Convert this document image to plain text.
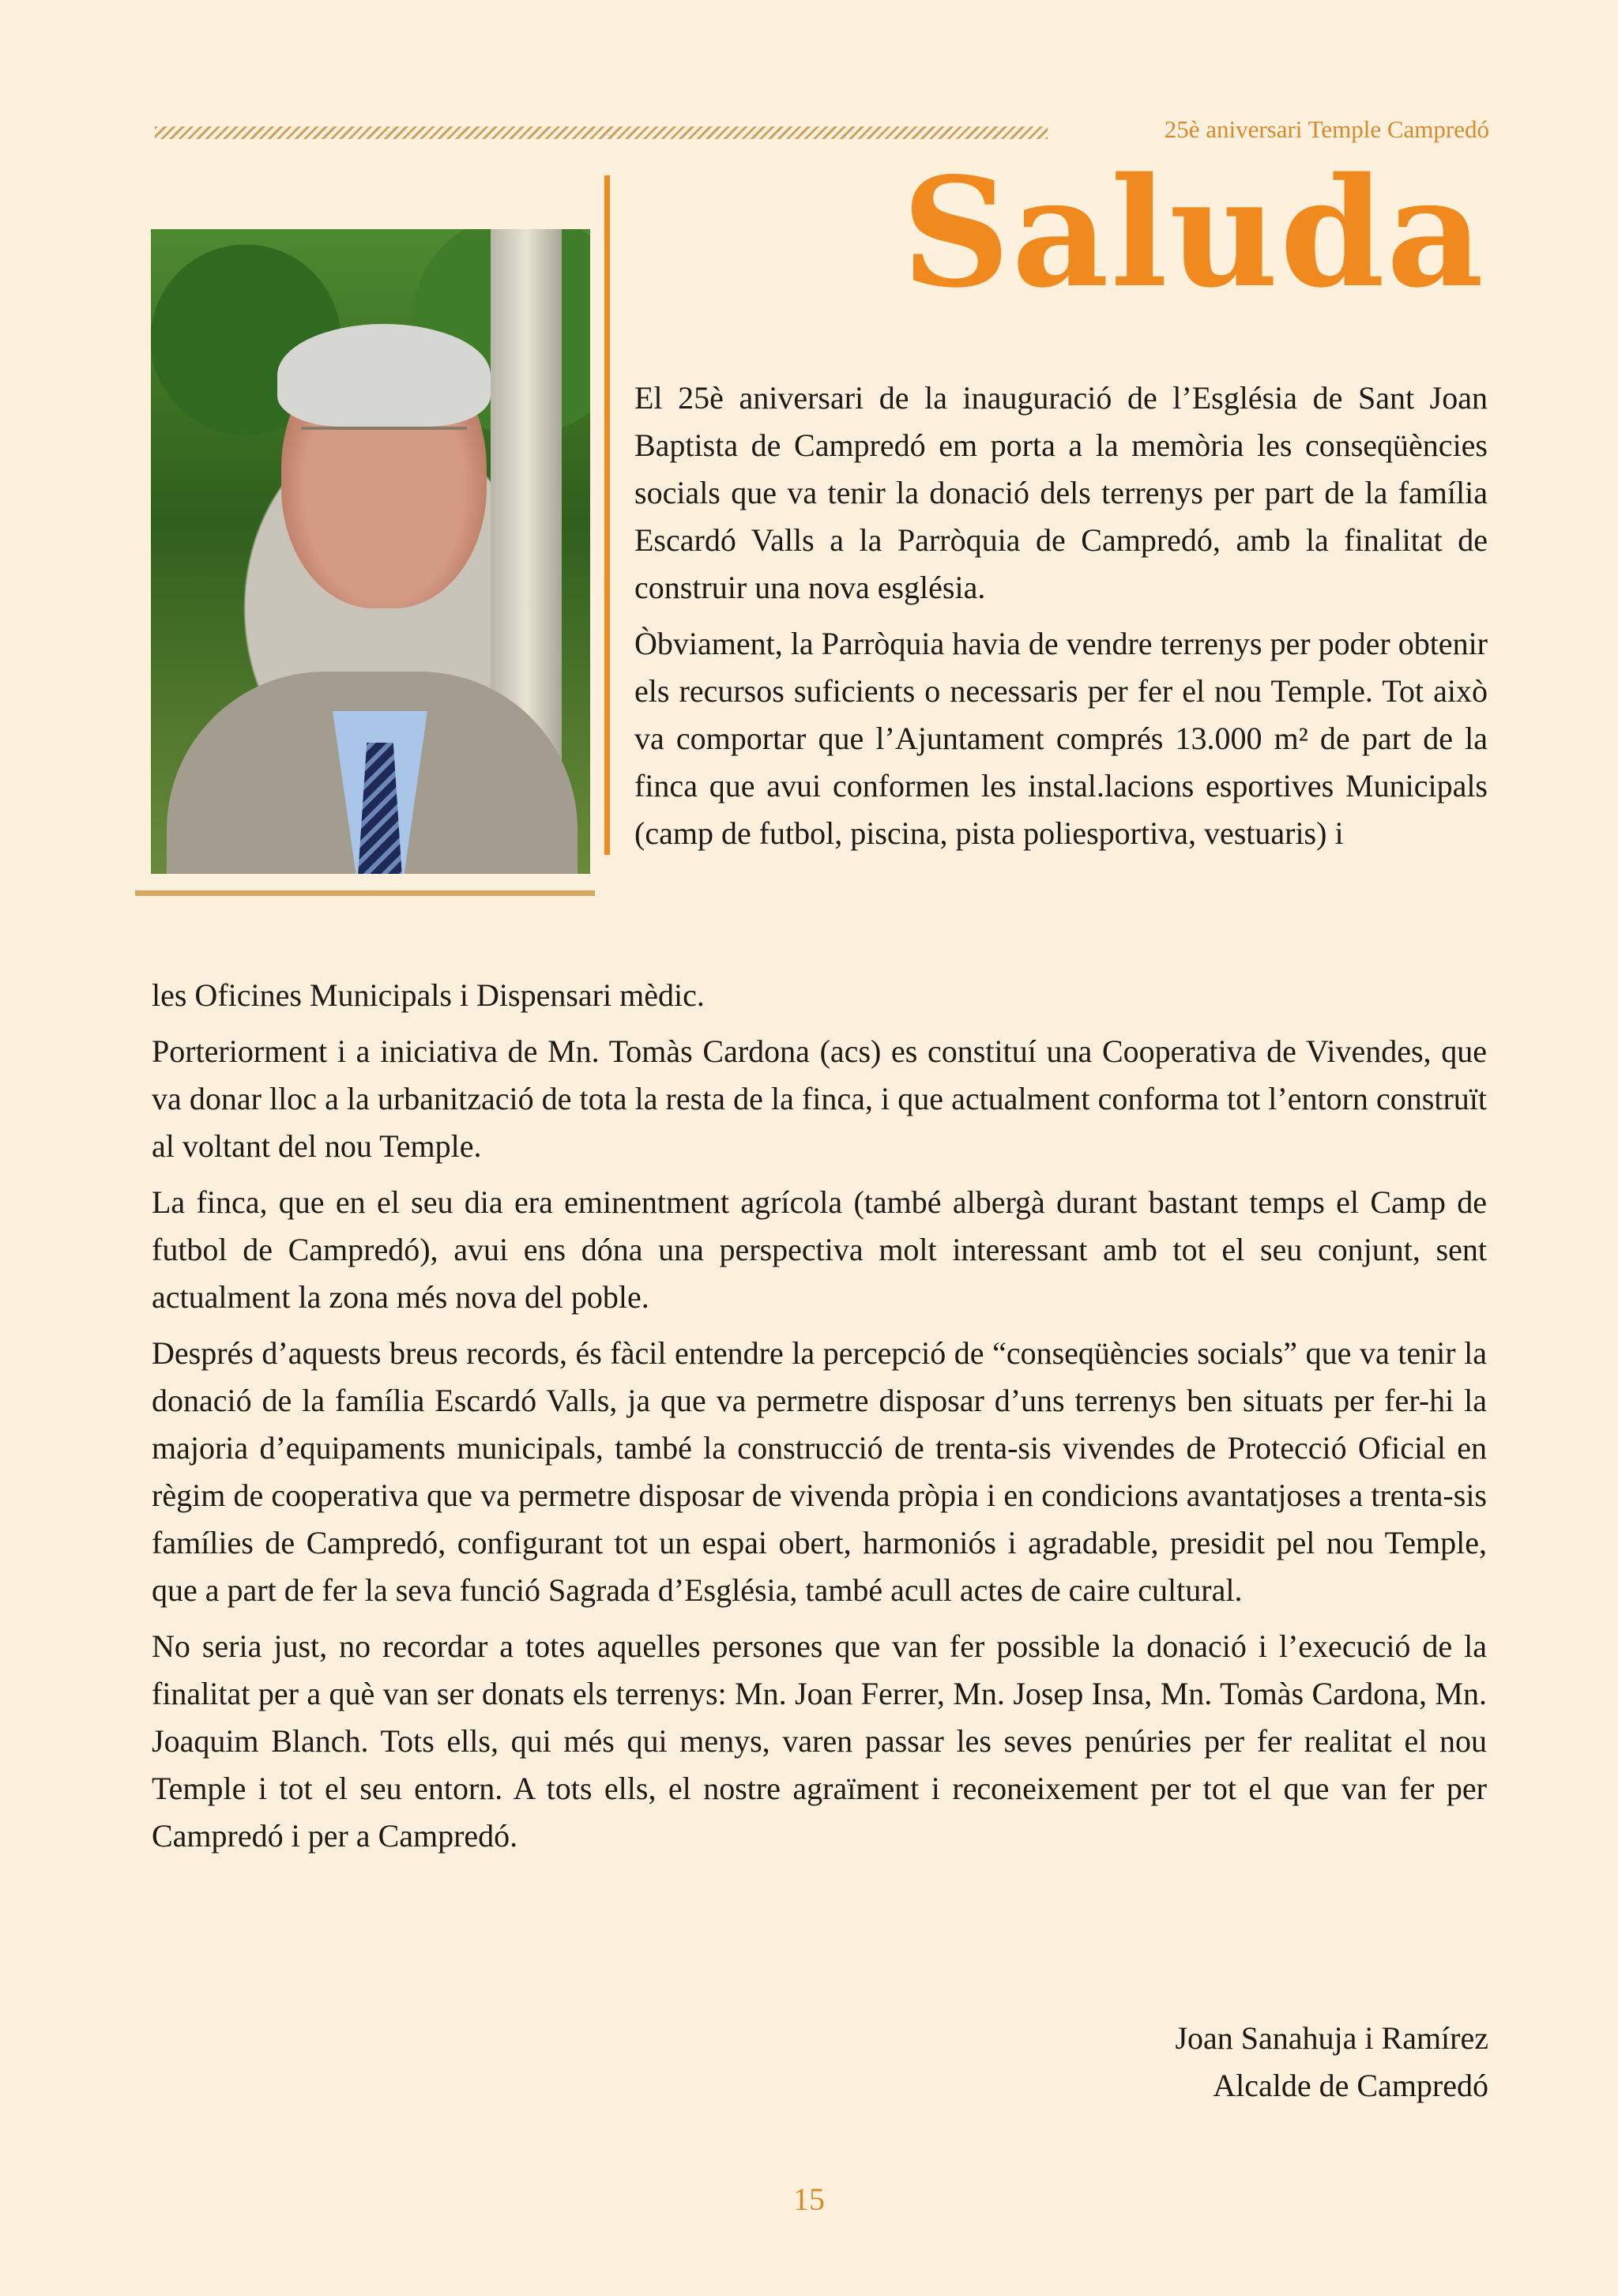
25è aniversari Temple Campredó
Saluda

El 25è aniversari de la inauguració de l’Església de Sant Joan Baptista de Campredó em porta a la memòria les conseqüències socials que va tenir la donació dels terrenys per part de la família Escardó Valls a la Parròquia de Campredó, amb la finalitat de construir una nova església.

Òbviament, la Parròquia havia de vendre terrenys per poder obtenir els recursos suficients o necessaris per fer el nou Temple. Tot això va comportar que l’Ajuntament comprés 13.000 m² de part de la finca que avui conformen les instal.lacions esportives Municipals (camp de futbol, piscina, pista poliesportiva, vestuaris) i

les Oficines Municipals i Dispensari mèdic.

Porteriorment i a iniciativa de Mn. Tomàs Cardona (acs) es constituí una Cooperativa de Vivendes, que va donar lloc a la urbanització de tota la resta de la finca, i que actualment conforma tot l’entorn construït al voltant del nou Temple.

La finca, que en el seu dia era eminentment agrícola (també albergà durant bastant temps el Camp de futbol de Campredó), avui ens dóna una perspectiva molt interessant amb tot el seu conjunt, sent actualment la zona més nova del poble.

Després d’aquests breus records, és fàcil entendre la percepció de “conseqüències socials” que va tenir la donació de la família Escardó Valls, ja que va permetre disposar d’uns terrenys ben situats per fer-hi la majoria d’equipaments municipals, també la construcció de trenta-sis vivendes de Protecció Oficial en règim de cooperativa que va permetre disposar de vivenda pròpia i en condicions avantatjoses a trenta-sis famílies de Campredó, configurant tot un espai obert, harmoniós i agradable, presidit pel nou Temple, que a part de fer la seva funció Sagrada d’Església, també acull actes de caire cultural.

No seria just, no recordar a totes aquelles persones que van fer possible la donació i l’execució de la finalitat per a què van ser donats els terrenys: Mn. Joan Ferrer, Mn. Josep Insa, Mn. Tomàs Cardona, Mn. Joaquim Blanch. Tots ells, qui més qui menys, varen passar les seves penúries per fer realitat el nou Temple i tot el seu entorn. A tots ells, el nostre agraïment i reconeixement per tot el que van fer per Campredó i per a Campredó.

Joan Sanahuja i Ramírez
Alcalde de Campredó
15
